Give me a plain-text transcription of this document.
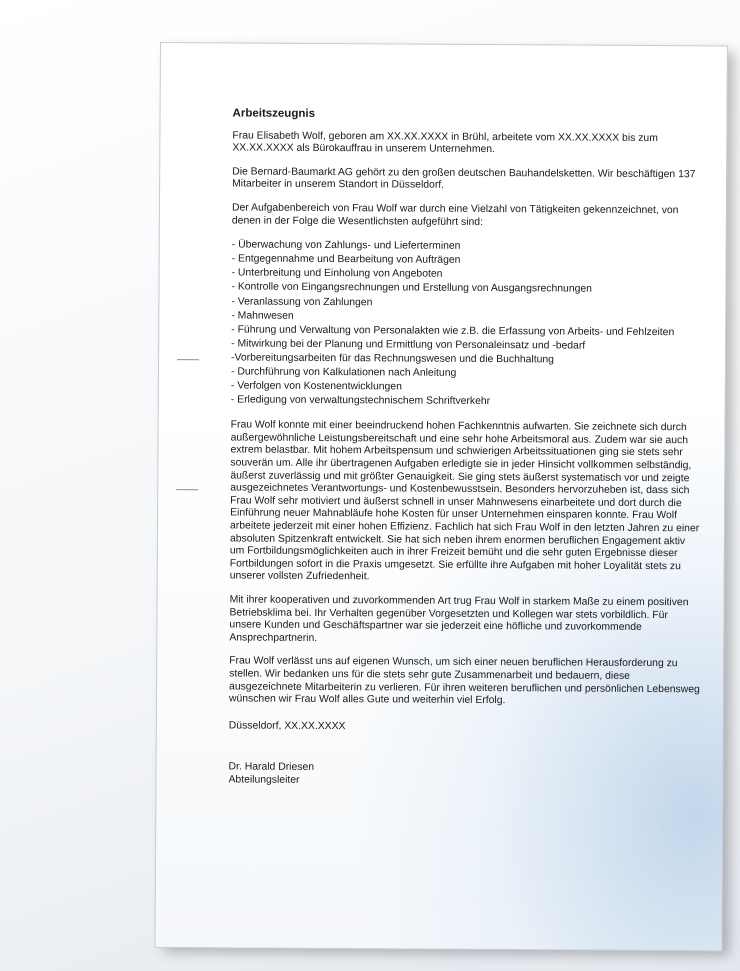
Arbeitszeugnis

Frau Elisabeth Wolf, geboren am XX.XX.XXXX in Brühl, arbeitete vom XX.XX.XXXX bis zum XX.XX.XXXX als Bürokauffrau in unserem Unternehmen.

Die Bernard-Baumarkt AG gehört zu den großen deutschen Bauhandelsketten. Wir beschäftigen 137 Mitarbeiter in unserem Standort in Düsseldorf.

Der Aufgabenbereich von Frau Wolf war durch eine Vielzahl von Tätigkeiten gekennzeichnet, von denen in der Folge die Wesentlichsten aufgeführt sind:

- Überwachung von Zahlungs- und Lieferterminen
- Entgegennahme und Bearbeitung von Aufträgen
- Unterbreitung und Einholung von Angeboten
- Kontrolle von Eingangsrechnungen und Erstellung von Ausgangsrechnungen
- Veranlassung von Zahlungen
- Mahnwesen
- Führung und Verwaltung von Personalakten wie z.B. die Erfassung von Arbeits- und Fehlzeiten
- Mitwirkung bei der Planung und Ermittlung von Personaleinsatz und -bedarf
-Vorbereitungsarbeiten für das Rechnungswesen und die Buchhaltung
- Durchführung von Kalkulationen nach Anleitung
- Verfolgen von Kostenentwicklungen
- Erledigung von verwaltungstechnischem Schriftverkehr

Frau Wolf konnte mit einer beeindruckend hohen Fachkenntnis aufwarten. Sie zeichnete sich durch außergewöhnliche Leistungsbereitschaft und eine sehr hohe Arbeitsmoral aus. Zudem war sie auch extrem belastbar. Mit hohem Arbeitspensum und schwierigen Arbeitssituationen ging sie stets sehr souverän um. Alle ihr übertragenen Aufgaben erledigte sie in jeder Hinsicht vollkommen selbständig, äußerst zuverlässig und mit größter Genauigkeit. Sie ging stets äußerst systematisch vor und zeigte ausgezeichnetes Verantwortungs- und Kostenbewusstsein. Besonders hervorzuheben ist, dass sich Frau Wolf sehr motiviert und äußerst schnell in unser Mahnwesens einarbeitete und dort durch die Einführung neuer Mahnabläufe hohe Kosten für unser Unternehmen einsparen konnte. Frau Wolf arbeitete jederzeit mit einer hohen Effizienz. Fachlich hat sich Frau Wolf in den letzten Jahren zu einer absoluten Spitzenkraft entwickelt. Sie hat sich neben ihrem enormen beruflichen Engagement aktiv um Fortbildungsmöglichkeiten auch in ihrer Freizeit bemüht und die sehr guten Ergebnisse dieser Fortbildungen sofort in die Praxis umgesetzt. Sie erfüllte ihre Aufgaben mit hoher Loyalität stets zu unserer vollsten Zufriedenheit.

Mit ihrer kooperativen und zuvorkommenden Art trug Frau Wolf in starkem Maße zu einem positiven Betriebsklima bei. Ihr Verhalten gegenüber Vorgesetzten und Kollegen war stets vorbildlich. Für unsere Kunden und Geschäftspartner war sie jederzeit eine höfliche und zuvorkommende Ansprechpartnerin.

Frau Wolf verlässt uns auf eigenen Wunsch, um sich einer neuen beruflichen Herausforderung zu stellen. Wir bedanken uns für die stets sehr gute Zusammenarbeit und bedauern, diese ausgezeichnete Mitarbeiterin zu verlieren. Für ihren weiteren beruflichen und persönlichen Lebensweg wünschen wir Frau Wolf alles Gute und weiterhin viel Erfolg.

Düsseldorf, XX.XX.XXXX

Dr. Harald Driesen

Abteilungsleiter
